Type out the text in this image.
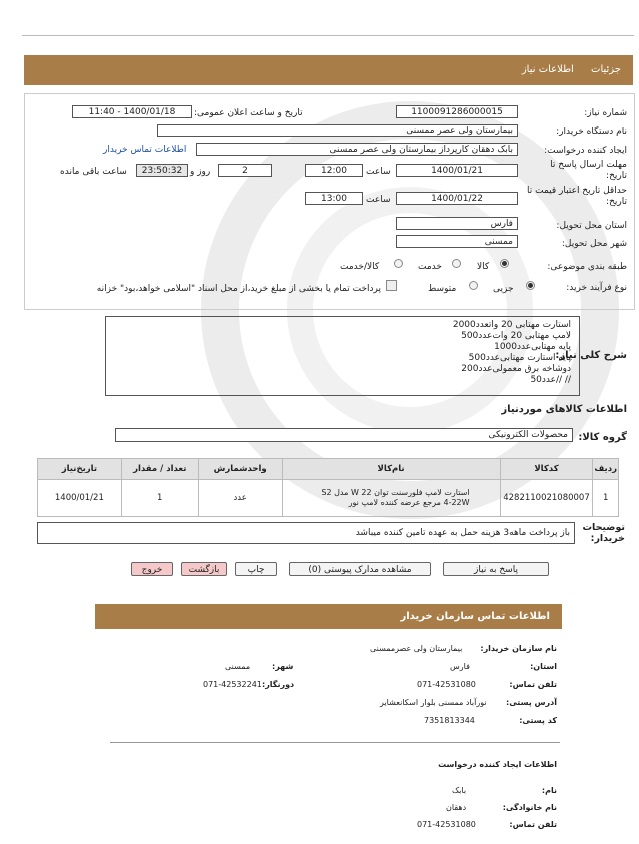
جزئیات اطلاعات نیاز
شماره نیاز:
1100091286000015
تاریخ و ساعت اعلان عمومی:
1400/01/18 - 11:40
نام دستگاه خریدار:
بیمارستان ولی عصر ممسنی
ایجاد کننده درخواست:
بابک دهقان کارپرداز بیمارستان ولی عصر ممسنی
اطلاعات تماس خریدار
مهلت ارسال پاسخ تا تاریخ:
1400/01/21
ساعت
12:00
2
روز و
23:50:32
ساعت باقی مانده
حداقل تاریخ اعتبار قیمت تا تاریخ:
1400/01/22
ساعت
13:00
استان محل تحویل:
فارس
شهر محل تحویل:
ممسنی
طبقه بندی موضوعی:
کالا
خدمت
کالا/خدمت
نوع فرآیند خرید:
جزیی
متوسط
پرداخت تمام یا بخشی از مبلغ خرید،از محل اسناد "اسلامی خواهد،بود" خزانه
شرح کلی نیاز:
استارت مهتابی 20 واتعدد2000
لامپ مهتابی 20 وات‌عدد500
پایه مهتابی‌عدد1000
پایه استارت مهتابی‌عدد500
دوشاخه برق معمولی‌عدد200
// //عدد50
اطلاعات کالاهای موردنیاز
گروه کالا:
محصولات الکترونیکی
ردیف	کدکالا	نام‌کالا	واحدشمارش	تعداد / مقدار	تاریخ‌نیاز
1	4282110021080007	استارت لامپ فلورسنت توان 22 W مدل S2 4-22W مرجع عرضه کننده لامپ نور	عدد	1	1400/01/21
توضیحات خریدار:
باز پرداخت ماهه3 هزینه حمل به عهده تامین کننده میباشد
پاسخ به نیاز
مشاهده مدارک پیوستی (0)
چاپ
بازگشت
خروج
اطلاعات تماس سازمان خریدار
نام سازمان خریدار:
بیمارستان ولی عصرممسنی
استان:
فارس
شهر:
ممسنی
تلفن تماس:
071-42531080
دورنگار:
071-42532241
آدرس پستی:
نورآباد ممسنی بلوار اسکانعشایر
کد پستی:
7351813344
اطلاعات ایجاد کننده درخواست
نام:
بابک
نام خانوادگی:
دهقان
تلفن تماس:
071-42531080
